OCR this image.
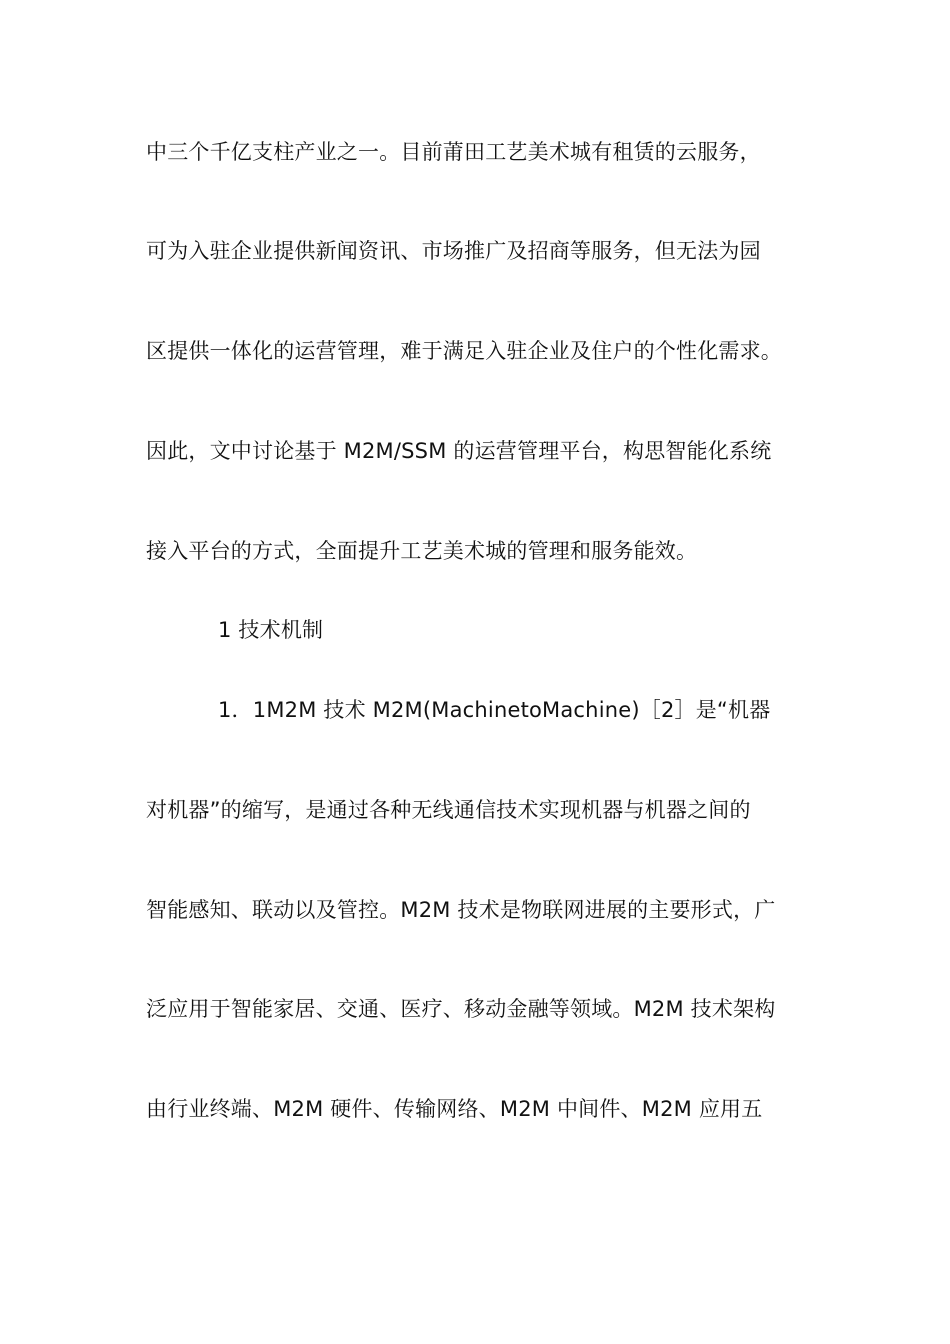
中三个千亿支柱产业之一。目前莆田工艺美术城有租赁的云服务，
可为入驻企业提供新闻资讯、市场推广及招商等服务，但无法为园
区提供一体化的运营管理，难于满足入驻企业及住户的个性化需求。
因此，文中讨论基于 M2M/SSM 的运营管理平台，构思智能化系统
接入平台的方式，全面提升工艺美术城的管理和服务能效。
1 技术机制
1．1M2M 技术 M2M(MachinetoMachine)［2］是“机器
对机器”的缩写，是通过各种无线通信技术实现机器与机器之间的
智能感知、联动以及管控。M2M 技术是物联网进展的主要形式，广
泛应用于智能家居、交通、医疗、移动金融等领域。M2M 技术架构
由行业终端、M2M 硬件、传输网络、M2M 中间件、M2M 应用五
